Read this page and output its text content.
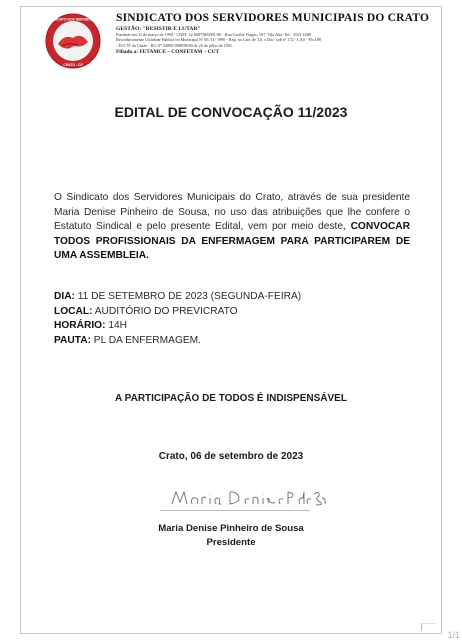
1/1
SINDICATO DOS SERVIDORES
CRATO - CE
SINDICATO DOS SERVIDORES MUNICIPAIS DO CRATO
GESTÃO: "RESISTIR E LUTAR"
Fundado em 31 de março de 1990 - CNPJ: 12.668758/0001-90 · Rua Cecília Vargas, 167, Vila Alta. Tel.: 3523-1688
Reconhecimento Utilidade Pública lei Municipal Nº 06 /11/ 1990 - Reg. no Cart. de Tít. e Doc. sob nº 172 - LAS - Fls.188
- D.O Nº da União - RG Nº 24000-008958/90 de 23 de julho de 1991.
Filiado a: FETAMCE – CONFETAM – CUT
EDITAL DE CONVOCAÇÃO 11/2023
O Sindicato dos Servidores Municipais do Crato, através de sua presidente Maria Denise Pinheiro de Sousa, no uso das atribuições que lhe confere o Estatuto Sindical e pelo presente Edital, vem por meio deste, CONVOCAR TODOS PROFISSIONAIS DA ENFERMAGEM PARA PARTICIPAREM DE UMA ASSEMBLEIA.
DIA: 11 DE SETEMBRO DE 2023 (SEGUNDA-FEIRA)
LOCAL: AUDITÓRIO DO PREVICRATO
HORÁRIO: 14H
PAUTA: PL DA ENFERMAGEM.
A PARTICIPAÇÃO DE TODOS É INDISPENSÁVEL
Crato, 06 de setembro de 2023
Maria Denise Pinheiro de Sousa
Presidente
